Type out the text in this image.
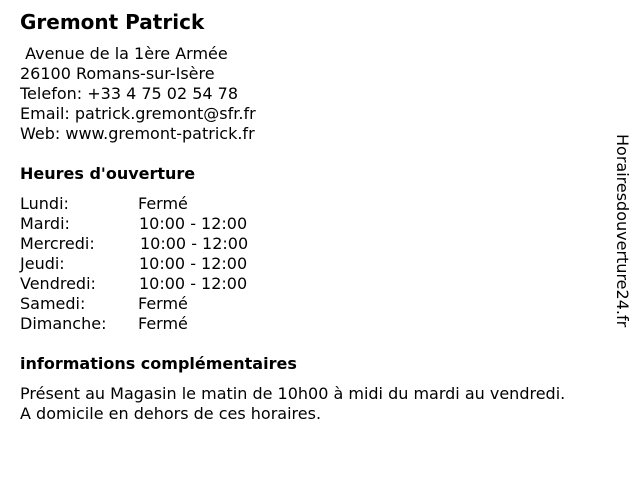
Gremont Patrick
Avenue de la 1ère Armée
26100 Romans-sur-Isère
Telefon: +33 4 75 02 54 78
Email: patrick.gremont@sfr.fr
Web: www.gremont-patrick.fr
Heures d'ouverture
Lundi:	Fermé
Mardi:	10:00 - 12:00
Mercredi:	10:00 - 12:00
Jeudi:	10:00 - 12:00
Vendredi:	10:00 - 12:00
Samedi:	Fermé
Dimanche: Fermé
informations complémentaires
Présent au Magasin le matin de 10h00 à midi du mardi au vendredi.
A domicile en dehors de ces horaires.
Horairesdouverture24.fr
